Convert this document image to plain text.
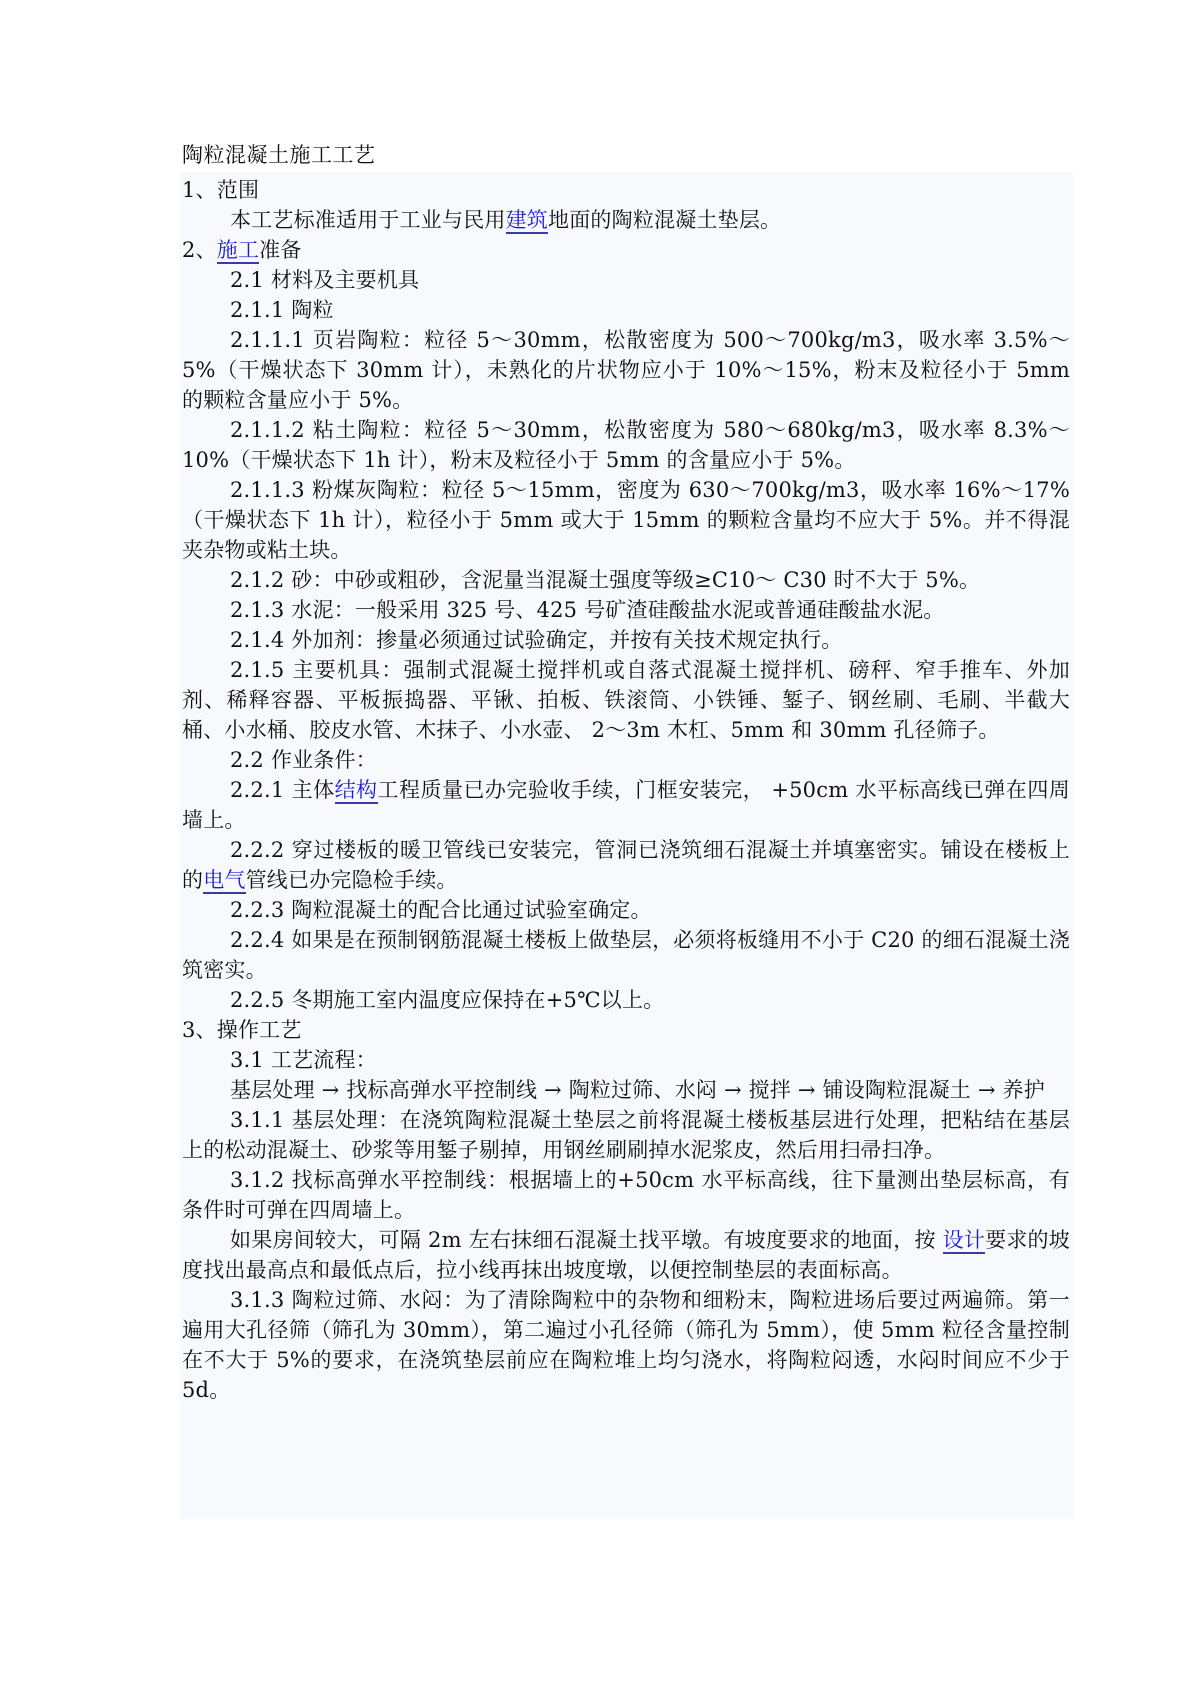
陶粒混凝土施工工艺

1、范围

本工艺标准适用于工业与民用建筑地面的陶粒混凝土垫层。

2、施工准备

2.1 材料及主要机具

2.1.1 陶粒

2.1.1.1 页岩陶粒：粒径 5～30mm，松散密度为 500～700kg/m3，吸水率 3.5%～5%（干燥状态下 30mm 计），未熟化的片状物应小于 10%～15%，粉末及粒径小于 5mm 的颗粒含量应小于 5%。

2.1.1.2 粘土陶粒：粒径 5～30mm，松散密度为 580～680kg/m3，吸水率 8.3%～10%（干燥状态下 1h 计），粉末及粒径小于 5mm 的含量应小于 5%。

2.1.1.3 粉煤灰陶粒：粒径 5～15mm，密度为 630～700kg/m3，吸水率 16%～17%（干燥状态下 1h 计），粒径小于 5mm 或大于 15mm 的颗粒含量均不应大于 5%。并不得混夹杂物或粘土块。

2.1.2 砂：中砂或粗砂，含泥量当混凝土强度等级≥C10～ C30 时不大于 5%。

2.1.3 水泥：一般采用 325 号、425 号矿渣硅酸盐水泥或普通硅酸盐水泥。

2.1.4 外加剂：掺量必须通过试验确定，并按有关技术规定执行。

2.1.5 主要机具：强制式混凝土搅拌机或自落式混凝土搅拌机、磅秤、窄手推车、外加剂、稀释容器、平板振捣器、平锹、拍板、铁滚筒、小铁锤、錾子、钢丝刷、毛刷、半截大桶、小水桶、胶皮水管、木抹子、小水壶、 2～3m 木杠、5mm 和 30mm 孔径筛子。

2.2 作业条件：

2.2.1 主体结构工程质量已办完验收手续，门框安装完， +50cm 水平标高线已弹在四周墙上。

2.2.2 穿过楼板的暖卫管线已安装完，管洞已浇筑细石混凝土并填塞密实。铺设在楼板上的电气管线已办完隐检手续。

2.2.3 陶粒混凝土的配合比通过试验室确定。

2.2.4 如果是在预制钢筋混凝土楼板上做垫层，必须将板缝用不小于 C20 的细石混凝土浇筑密实。

2.2.5 冬期施工室内温度应保持在+5℃以上。

3、操作工艺

3.1 工艺流程：

基层处理 → 找标高弹水平控制线 → 陶粒过筛、水闷 → 搅拌 → 铺设陶粒混凝土 → 养护

3.1.1 基层处理：在浇筑陶粒混凝土垫层之前将混凝土楼板基层进行处理，把粘结在基层上的松动混凝土、砂浆等用錾子剔掉，用钢丝刷刷掉水泥浆皮，然后用扫帚扫净。

3.1.2 找标高弹水平控制线：根据墙上的+50cm 水平标高线，往下量测出垫层标高，有条件时可弹在四周墙上。

如果房间较大，可隔 2m 左右抹细石混凝土找平墩。有坡度要求的地面，按 设计要求的坡度找出最高点和最低点后，拉小线再抹出坡度墩，以便控制垫层的表面标高。

3.1.3 陶粒过筛、水闷：为了清除陶粒中的杂物和细粉末，陶粒进场后要过两遍筛。第一遍用大孔径筛（筛孔为 30mm），第二遍过小孔径筛（筛孔为 5mm），使 5mm 粒径含量控制在不大于 5%的要求，在浇筑垫层前应在陶粒堆上均匀浇水，将陶粒闷透，水闷时间应不少于 5d。
